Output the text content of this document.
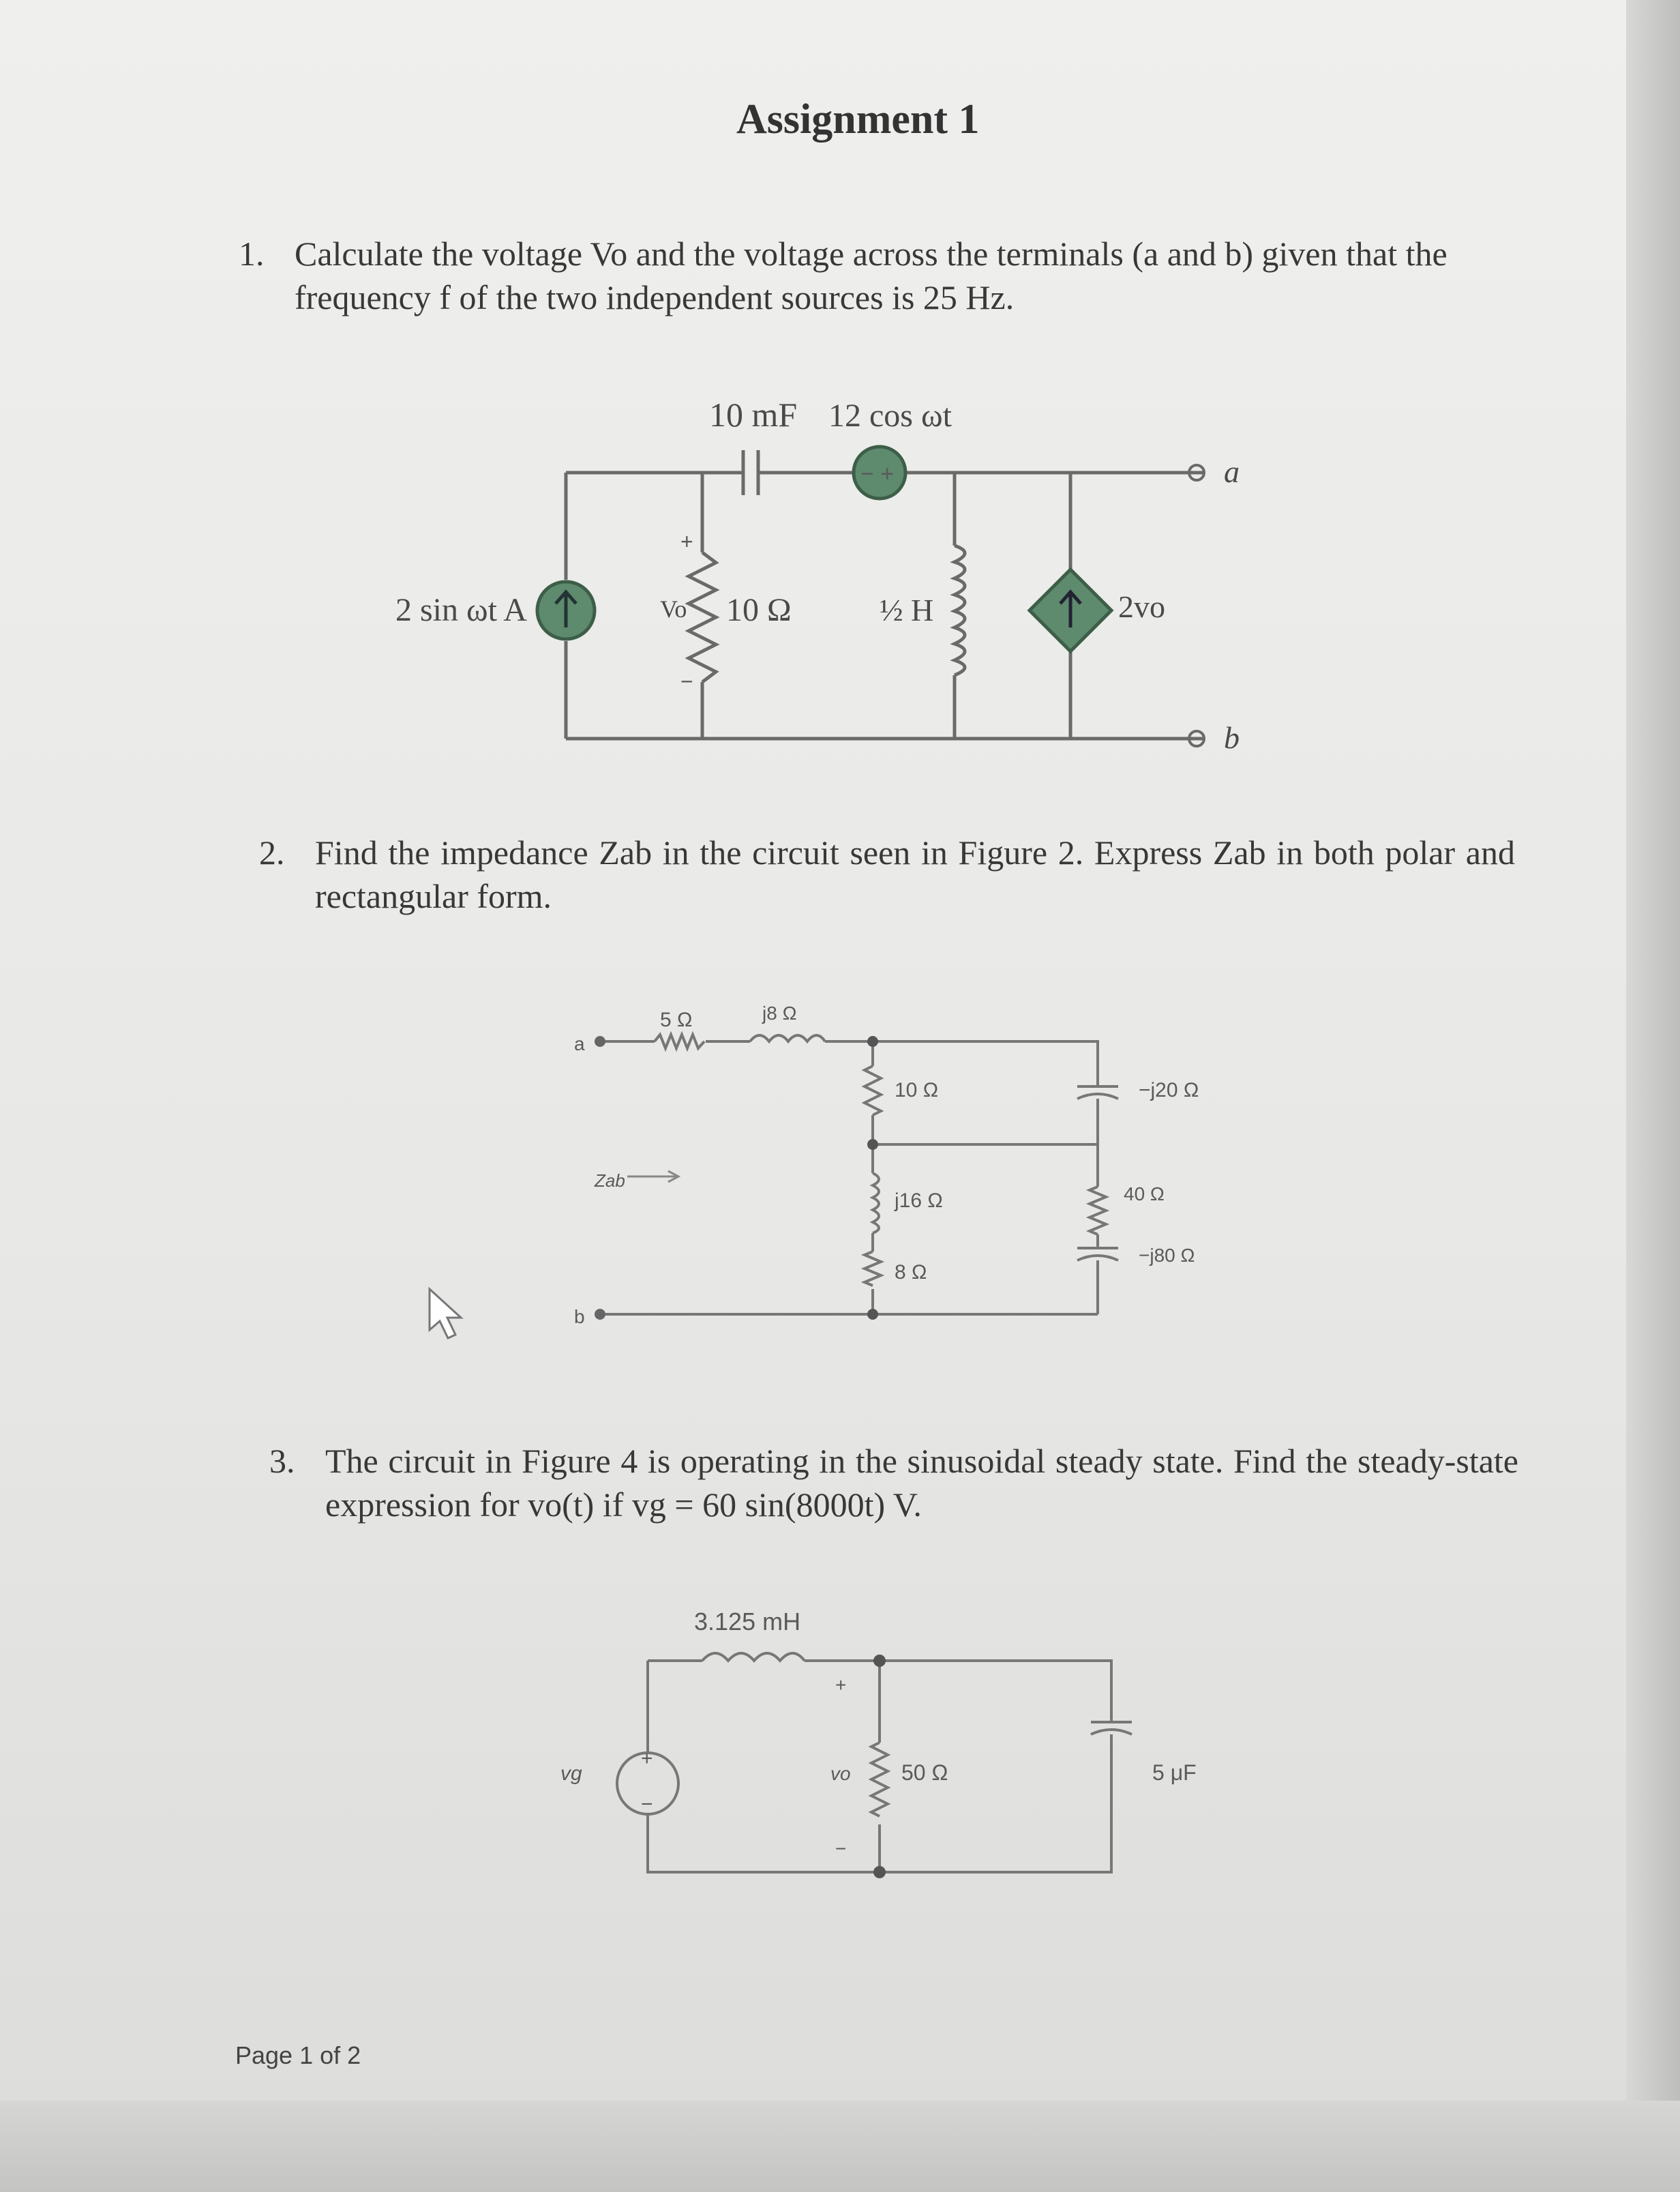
Assignment 1
1. Calculate the voltage Vo and the voltage across the terminals (a and b) given that the frequency f of the two independent sources is 25 Hz.
2. Find the impedance Zab in the circuit seen in Figure 2. Express Zab in both polar and rectangular form.
3. The circuit in Figure 4 is operating in the sinusoidal steady state. Find the steady-state expression for vo(t) if vg = 60 sin(8000t) V.
− +
10 mF 12 cos ωt
2 sin ωt A	Vo
+
−
10 Ω	½ H	2vo
a
b
a
b
5 Ω	j8 Ω
10 Ω
j16 Ω
8 Ω
−j20 Ω
40 Ω
−j80 Ω
Zab
+
−
3.125 mH
vg	vo
+
−
50 Ω	5 μF
Page 1 of 2
